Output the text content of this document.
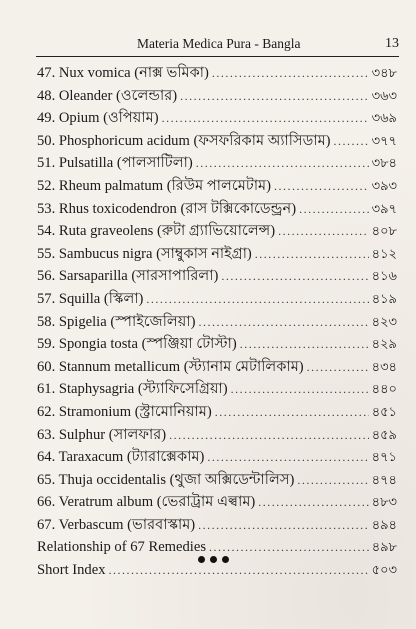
Materia Medica Pura - Bangla	13
47. Nux vomica (নাক্স ভমিকা) .....	৩৪৮
48. Oleander (ওলেন্ডার) .....	৩৬৩
49. Opium (ওপিয়াম) .....	৩৬৯
50. Phosphoricum acidum (ফসফরিকাম অ্যাসিডাম) .....	৩৭৭
51. Pulsatilla (পালসাটিলা) .....	৩৮৪
52. Rheum palmatum (রিউম পালমেটাম) .....	৩৯৩
53. Rhus toxicodendron (রাস টক্সিকোডেন্ড্রন) .....	৩৯৭
54. Ruta graveolens (রুটা গ্র্যাভিয়োলেন্স) .....	৪০৮
55. Sambucus nigra (সাম্বুকাস নাইগ্রা) .....	৪১২
56. Sarsaparilla (সারসাপারিলা) .....	৪১৬
57. Squilla (স্কিলা) .....	৪১৯
58. Spigelia (স্পাইজেলিয়া) .....	৪২৩
59. Spongia tosta (স্পঞ্জিয়া টোস্টা) .....	৪২৯
60. Stannum metallicum (স্ট্যানাম মেটালিকাম) .....	৪৩৪
61. Staphysagria (স্ট্যাফিসেগ্রিয়া) .....	৪৪০
62. Stramonium (স্ট্রামোনিয়াম) .....	৪৫১
63. Sulphur (সালফার) .....	৪৫৯
64. Taraxacum (ট্যারাক্সেকাম) .....	৪৭১
65. Thuja occidentalis (থুজা অক্সিডেন্টালিস) .....	৪৭৪
66. Veratrum album (ভেরাট্রাম এল্বাম) .....	৪৮৩
67. Verbascum (ভারবাস্কাম) .....	৪৯৪
Relationship of 67 Remedies .....	৪৯৮
Short Index .....	৫০৩
